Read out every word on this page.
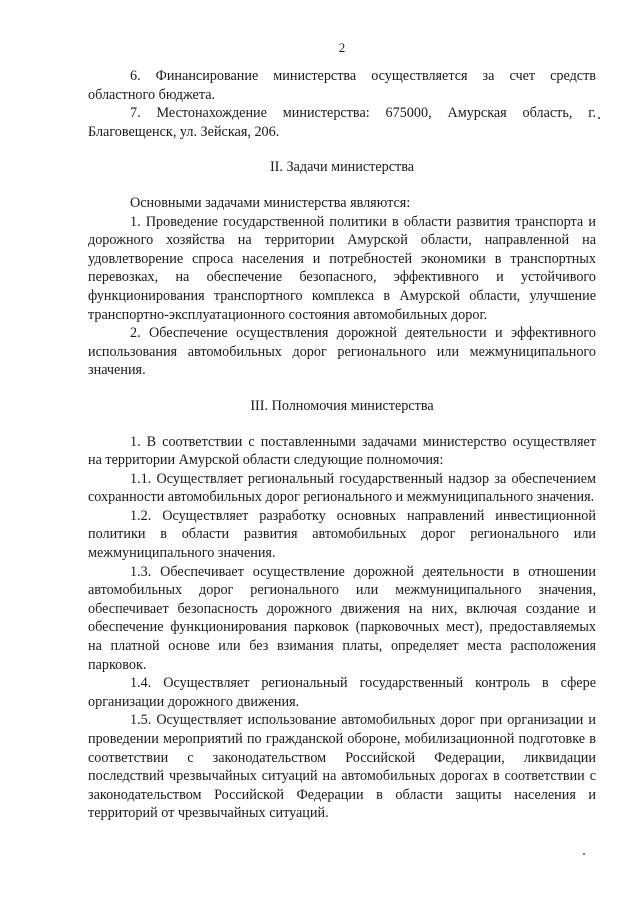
2

6. Финансирование министерства осуществляется за счет средств областного бюджета.

7. Местонахождение министерства: 675000, Амурская область, г. Благовещенск, ул. Зейская, 206.

II. Задачи министерства

Основными задачами министерства являются:

1. Проведение государственной политики в области развития транспорта и дорожного хозяйства на территории Амурской области, направленной на удовлетворение спроса населения и потребностей экономики в транспортных перевозках, на обеспечение безопасного, эффективного и устойчивого функционирования транспортного комплекса в Амурской области, улучшение транспортно-эксплуатационного состояния автомобильных дорог.

2. Обеспечение осуществления дорожной деятельности и эффективного использования автомобильных дорог регионального или межмуниципального значения.

III. Полномочия министерства

1. В соответствии с поставленными задачами министерство осуществляет на территории Амурской области следующие полномочия:

1.1. Осуществляет региональный государственный надзор за обеспечением сохранности автомобильных дорог регионального и межмуниципального значения.

1.2. Осуществляет разработку основных направлений инвестиционной политики в области развития автомобильных дорог регионального или межмуниципального значения.

1.3. Обеспечивает осуществление дорожной деятельности в отношении автомобильных дорог регионального или межмуниципального значения, обеспечивает безопасность дорожного движения на них, включая создание и обеспечение функционирования парковок (парковочных мест), предоставляемых на платной основе или без взимания платы, определяет места расположения парковок.

1.4. Осуществляет региональный государственный контроль в сфере организации дорожного движения.

1.5. Осуществляет использование автомобильных дорог при организации и проведении мероприятий по гражданской обороне, мобилизационной подготовке в соответствии с законодательством Российской Федерации, ликвидации последствий чрезвычайных ситуаций на автомобильных дорогах в соответствии с законодательством Российской Федерации в области защиты населения и территорий от чрезвычайных ситуаций.
